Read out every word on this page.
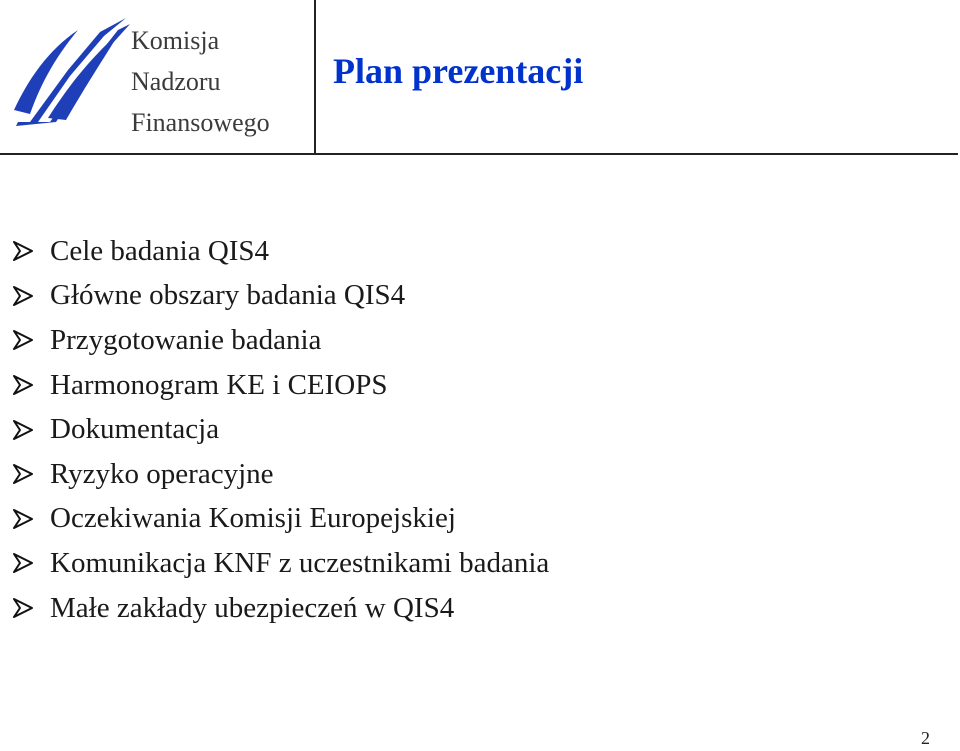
Komisja
Nadzoru
Finansowego
Plan prezentacji
Cele badania QIS4
Główne obszary badania QIS4
Przygotowanie badania
Harmonogram KE i CEIOPS
Dokumentacja
Ryzyko operacyjne
Oczekiwania Komisji Europejskiej
Komunikacja KNF z uczestnikami badania
Małe zakłady ubezpieczeń w QIS4
2
